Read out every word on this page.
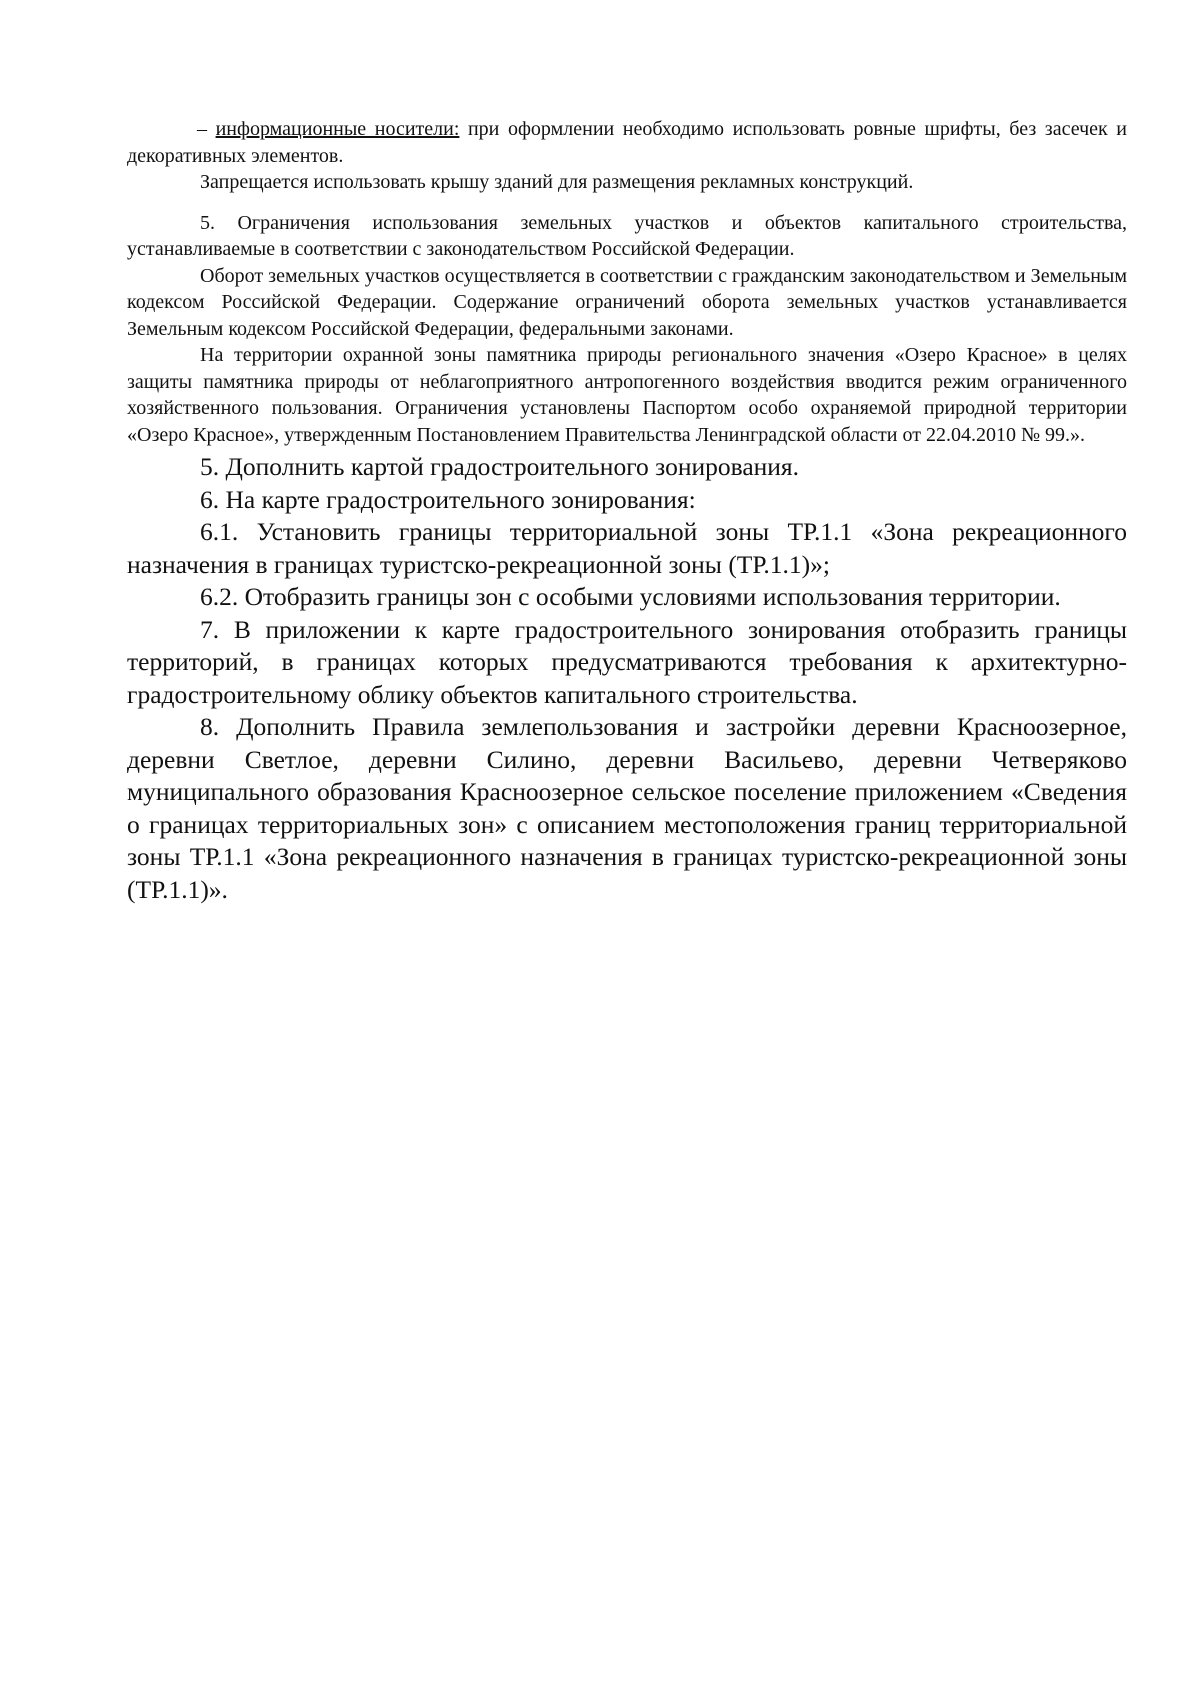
– информационные носители: при оформлении необходимо использовать ровные шрифты, без засечек и декоративных элементов.

Запрещается использовать крышу зданий для размещения рекламных конструкций.

5. Ограничения использования земельных участков и объектов капитального строительства, устанавливаемые в соответствии с законодательством Российской Федерации.

Оборот земельных участков осуществляется в соответствии с гражданским законодательством и Земельным кодексом Российской Федерации. Содержание ограничений оборота земельных участков устанавливается Земельным кодексом Российской Федерации, федеральными законами.

На территории охранной зоны памятника природы регионального значения «Озеро Красное» в целях защиты памятника природы от неблагоприятного антропогенного воздействия вводится режим ограниченного хозяйственного пользования. Ограничения установлены Паспортом особо охраняемой природной территории «Озеро Красное», утвержденным Постановлением Правительства Ленинградской области от 22.04.2010 № 99.».

5. Дополнить картой градостроительного зонирования.

6. На карте градостроительного зонирования:

6.1. Установить границы территориальной зоны ТР.1.1 «Зона рекреационного назначения в границах туристско-рекреационной зоны (ТР.1.1)»;

6.2. Отобразить границы зон с особыми условиями использования территории.

7. В приложении к карте градостроительного зонирования отобразить границы территорий, в границах которых предусматриваются требования к архитектурно-градостроительному облику объектов капитального строительства.

8. Дополнить Правила землепользования и застройки деревни Красноозерное, деревни Светлое, деревни Силино, деревни Васильево, деревни Четверяково муниципального образования Красноозерное сельское поселение приложением «Сведения о границах территориальных зон» с описанием местоположения границ территориальной зоны ТР.1.1 «Зона рекреационного назначения в границах туристско-рекреационной зоны (ТР.1.1)».
